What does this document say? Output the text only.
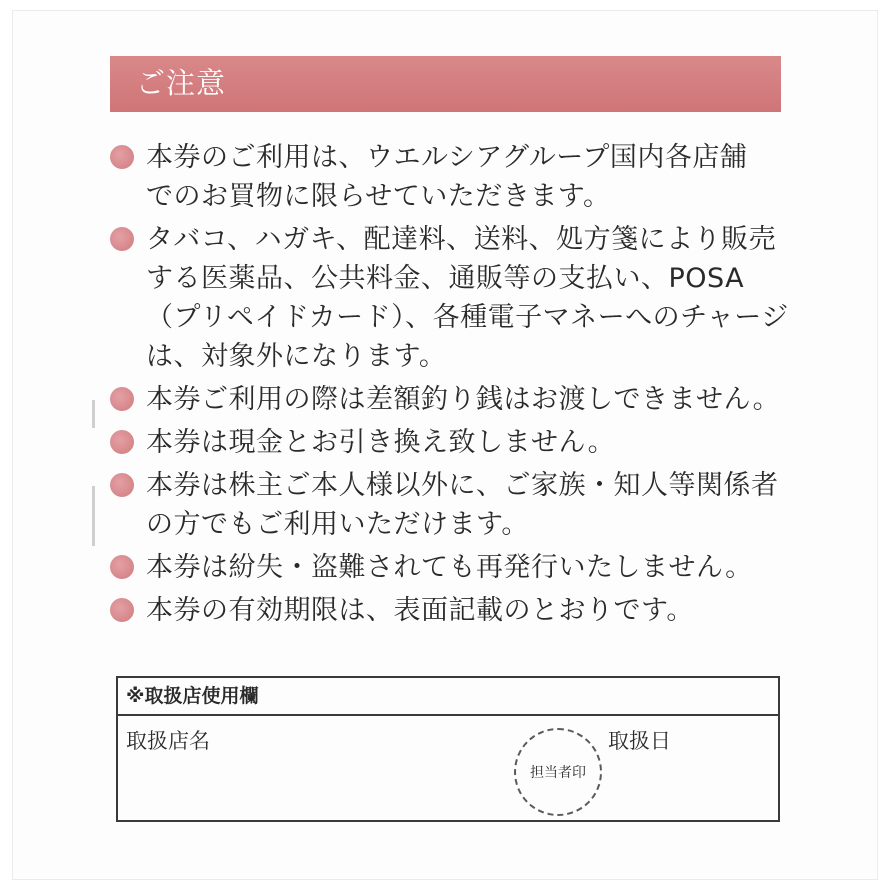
ご注意
本券のご利用は、ウエルシアグループ国内各店舗
でのお買物に限らせていただきます。
タバコ、ハガキ、配達料、送料、処方箋により販売
する医薬品、公共料金、通販等の支払い、POSA
（プリペイドカード）、各種電子マネーへのチャージ
は、対象外になります。
本券ご利用の際は差額釣り銭はお渡しできません。
本券は現金とお引き換え致しません。
本券は株主ご本人様以外に、ご家族・知人等関係者
の方でもご利用いただけます。
本券は紛失・盗難されても再発行いたしません。
本券の有効期限は、表面記載のとおりです。
※取扱店使用欄
取扱店名
担当者印
取扱日
